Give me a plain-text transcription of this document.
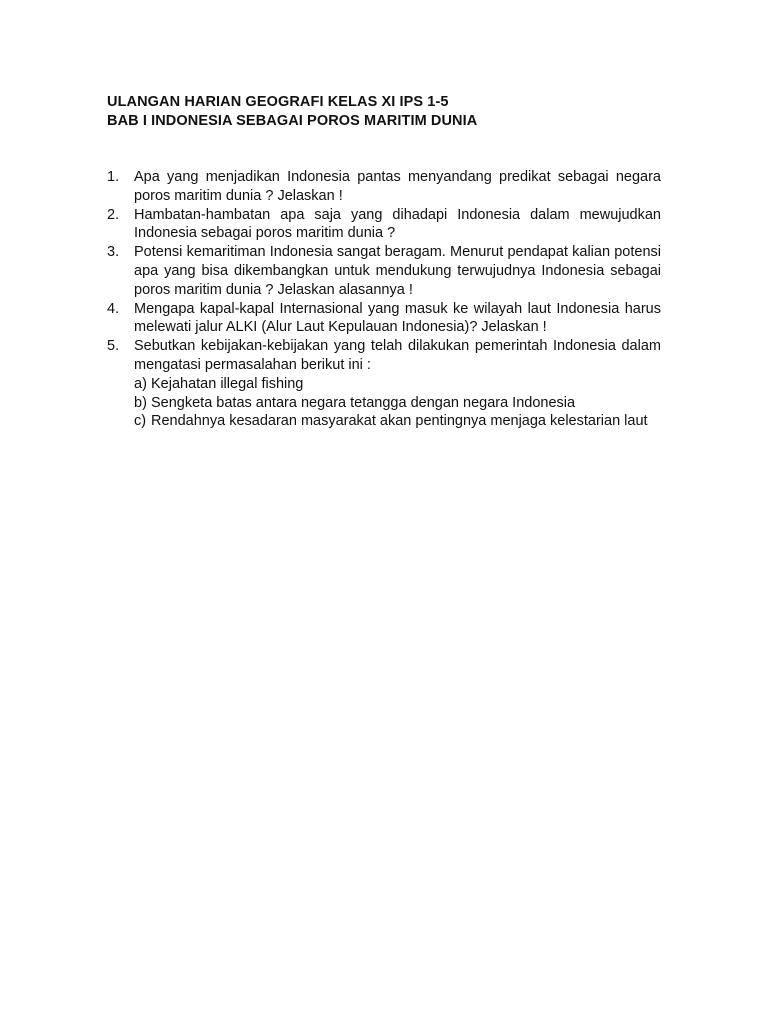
ULANGAN HARIAN GEOGRAFI KELAS XI IPS 1-5
BAB I INDONESIA SEBAGAI POROS MARITIM DUNIA
1. Apa yang menjadikan Indonesia pantas menyandang predikat sebagai negara poros maritim dunia ? Jelaskan !
2. Hambatan-hambatan apa saja yang dihadapi Indonesia dalam mewujudkan Indonesia sebagai poros maritim dunia ?
3. Potensi kemaritiman Indonesia sangat beragam. Menurut pendapat kalian potensi apa yang bisa dikembangkan untuk mendukung terwujudnya Indonesia sebagai poros maritim dunia ? Jelaskan alasannya !
4. Mengapa kapal-kapal Internasional yang masuk ke wilayah laut Indonesia harus melewati jalur ALKI (Alur Laut Kepulauan Indonesia)? Jelaskan !
5. Sebutkan kebijakan-kebijakan yang telah dilakukan pemerintah Indonesia dalam mengatasi permasalahan berikut ini :
a) Kejahatan illegal fishing
b) Sengketa batas antara negara tetangga dengan negara Indonesia
c) Rendahnya kesadaran masyarakat akan pentingnya menjaga kelestarian laut
